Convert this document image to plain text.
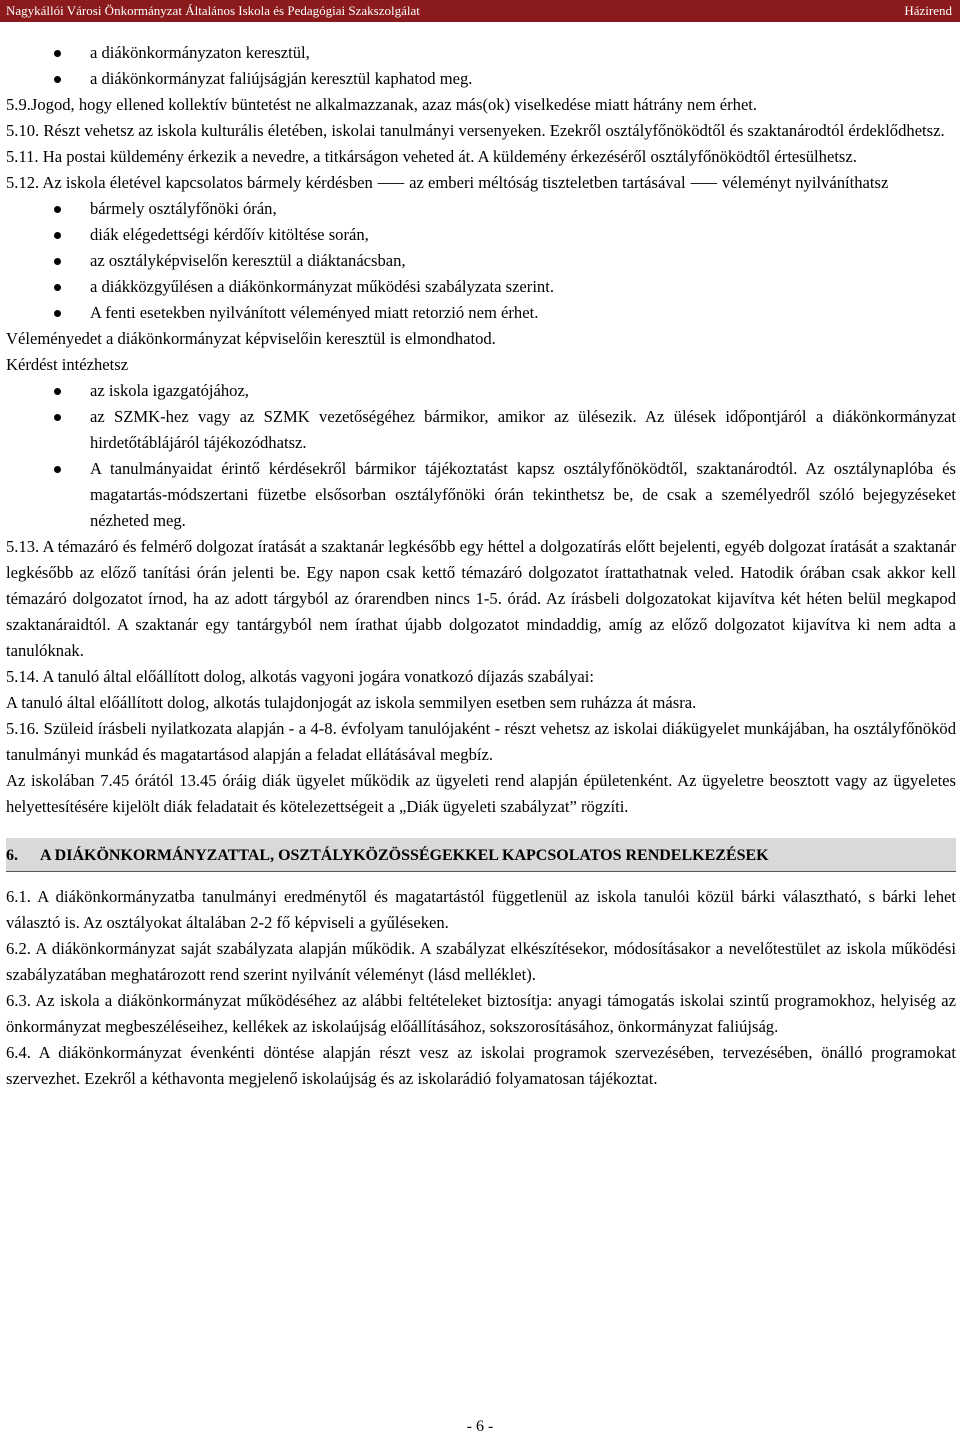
Nagykállói Városi Önkormányzat Általános Iskola és Pedagógiai Szakszolgálat	Házirend
a diákönkormányzaton keresztül,
a diákönkormányzat faliújságján keresztül kaphatod meg.

5.9.Jogod, hogy ellened kollektív büntetést ne alkalmazzanak, azaz más(ok) viselkedése miatt hátrány nem érhet.

5.10. Részt vehetsz az iskola kulturális életében, iskolai tanulmányi versenyeken. Ezekről osztályfőnöködtől és szaktanárodtól érdeklődhetsz.

5.11. Ha postai küldemény érkezik a nevedre, a titkárságon veheted át. A küldemény érkezéséről osztályfőnöködtől értesülhetsz.

5.12. Az iskola életével kapcsolatos bármely kérdésben ⸺ az emberi méltóság tiszteletben tartásával ⸺ véleményt nyilváníthatsz

bármely osztályfőnöki órán,
diák elégedettségi kérdőív kitöltése során,
az osztályképviselőn keresztül a diáktanácsban,
a diákközgyűlésen a diákönkormányzat működési szabályzata szerint.
A fenti esetekben nyilvánított véleményed miatt retorzió nem érhet.

Véleményedet a diákönkormányzat képviselőin keresztül is elmondhatod.

Kérdést intézhetsz

az iskola igazgatójához,
az SZMK-hez vagy az SZMK vezetőségéhez bármikor, amikor az ülésezik. Az ülések időpontjáról a diákönkormányzat hirdetőtáblájáról tájékozódhatsz.
A tanulmányaidat érintő kérdésekről bármikor tájékoztatást kapsz osztályfőnöködtől, szaktanárodtól. Az osztálynaplóba és magatartás-módszertani füzetbe elsősorban osztályfőnöki órán tekinthetsz be, de csak a személyedről szóló bejegyzéseket nézheted meg.

5.13. A témazáró és felmérő dolgozat íratását a szaktanár legkésőbb egy héttel a dolgozatírás előtt bejelenti, egyéb dolgozat íratását a szaktanár legkésőbb az előző tanítási órán jelenti be. Egy napon csak kettő témazáró dolgozatot írattathatnak veled. Hatodik órában csak akkor kell témazáró dolgozatot írnod, ha az adott tárgyból az órarendben nincs 1-5. órád. Az írásbeli dolgozatokat kijavítva két héten belül megkapod szaktanáraidtól. A szaktanár egy tantárgyból nem írathat újabb dolgozatot mindaddig, amíg az előző dolgozatot kijavítva ki nem adta a tanulóknak.

5.14. A tanuló által előállított dolog, alkotás vagyoni jogára vonatkozó díjazás szabályai:

A tanuló által előállított dolog, alkotás tulajdonjogát az iskola semmilyen esetben sem ruházza át másra.

5.16. Szüleid írásbeli nyilatkozata alapján - a 4-8. évfolyam tanulójaként - részt vehetsz az iskolai diákügyelet munkájában, ha osztályfőnököd tanulmányi munkád és magatartásod alapján a feladat ellátásával megbíz.

Az iskolában 7.45 órától 13.45 óráig diák ügyelet működik az ügyeleti rend alapján épületenként. Az ügyeletre beosztott vagy az ügyeletes helyettesítésére kijelölt diák feladatait és kötelezettségeit a „Diák ügyeleti szabályzat” rögzíti.

6. A DIÁKÖNKORMÁNYZATTAL, OSZTÁLYKÖZÖSSÉGEKKEL KAPCSOLATOS RENDELKEZÉSEK

6.1. A diákönkormányzatba tanulmányi eredménytől és magatartástól függetlenül az iskola tanulói közül bárki választható, s bárki lehet választó is. Az osztályokat általában 2-2 fő képviseli a gyűléseken.

6.2. A diákönkormányzat saját szabályzata alapján működik. A szabályzat elkészítésekor, módosításakor a nevelőtestület az iskola működési szabályzatában meghatározott rend szerint nyilvánít véleményt (lásd melléklet).

6.3. Az iskola a diákönkormányzat működéséhez az alábbi feltételeket biztosítja: anyagi támogatás iskolai szintű programokhoz, helyiség az önkormányzat megbeszéléseihez, kellékek az iskolaújság előállításához, sokszorosításához, önkormányzat faliújság.

6.4. A diákönkormányzat évenkénti döntése alapján részt vesz az iskolai programok szervezésében, tervezésében, önálló programokat szervezhet. Ezekről a kéthavonta megjelenő iskolaújság és az iskolarádió folyamatosan tájékoztat.

- 6 -
